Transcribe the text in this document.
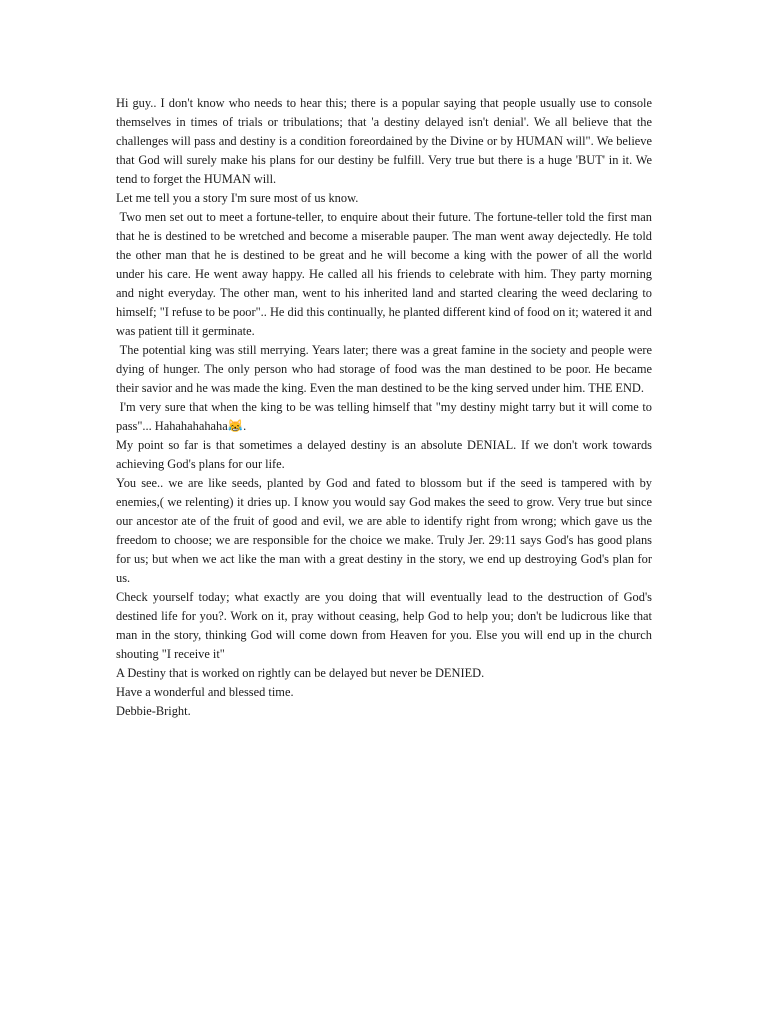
Hi guy.. I don't know who needs to hear this; there is a popular saying that people usually use to console themselves in times of trials or tribulations; that 'a destiny delayed isn't denial'. We all believe that the challenges will pass and destiny is a condition foreordained by the Divine or by HUMAN will". We believe that God will surely make his plans for our destiny be fulfill. Very true but there is a huge 'BUT' in it. We tend to forget the HUMAN will.

Let me tell you a story I'm sure most of us know.

Two men set out to meet a fortune-teller, to enquire about their future. The fortune-teller told the first man that he is destined to be wretched and become a miserable pauper. The man went away dejectedly. He told the other man that he is destined to be great and he will become a king with the power of all the world under his care. He went away happy. He called all his friends to celebrate with him. They party morning and night everyday. The other man, went to his inherited land and started clearing the weed declaring to himself; "I refuse to be poor".. He did this continually, he planted different kind of food on it; watered it and was patient till it germinate.

The potential king was still merrying. Years later; there was a great famine in the society and people were dying of hunger. The only person who had storage of food was the man destined to be poor. He became their savior and he was made the king. Even the man destined to be the king served under him. THE END.

I'm very sure that when the king to be was telling himself that "my destiny might tarry but it will come to pass"... Hahahahahaha😹.

My point so far is that sometimes a delayed destiny is an absolute DENIAL. If we don't work towards achieving God's plans for our life.

You see.. we are like seeds, planted by God and fated to blossom but if the seed is tampered with by enemies,( we relenting) it dries up. I know you would say God makes the seed to grow. Very true but since our ancestor ate of the fruit of good and evil, we are able to identify right from wrong; which gave us the freedom to choose; we are responsible for the choice we make. Truly Jer. 29:11 says God's has good plans for us; but when we act like the man with a great destiny in the story, we end up destroying God's plan for us.

Check yourself today; what exactly are you doing that will eventually lead to the destruction of God's destined life for you?. Work on it, pray without ceasing, help God to help you; don't be ludicrous like that man in the story, thinking God will come down from Heaven for you. Else you will end up in the church shouting "I receive it"

A Destiny that is worked on rightly can be delayed but never be DENIED.

Have a wonderful and blessed time.

Debbie-Bright.
